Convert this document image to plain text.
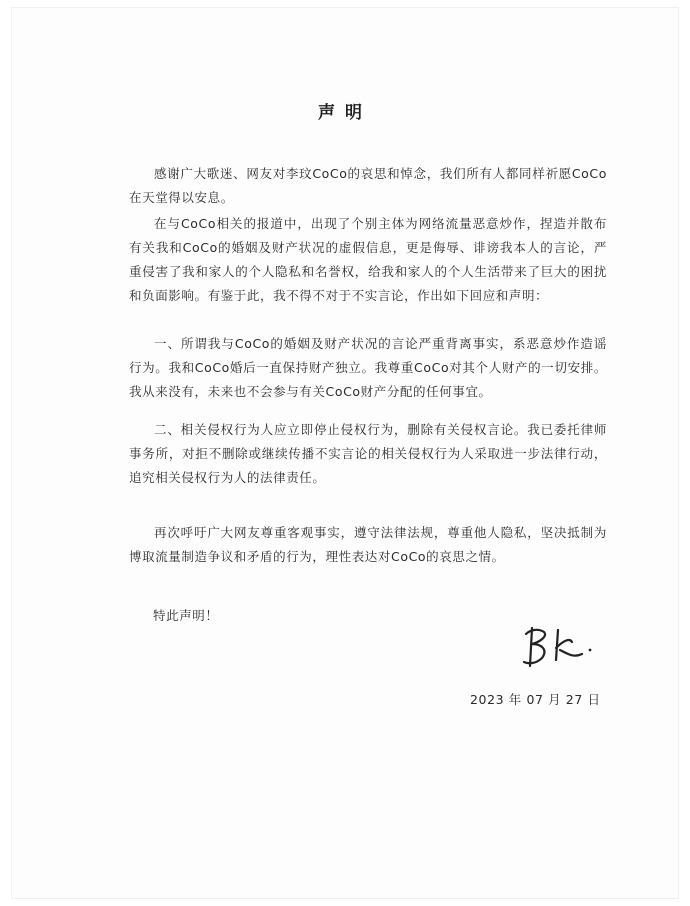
声明

感谢广大歌迷、网友对李玟CoCo的哀思和悼念，我们所有人都同样祈愿CoCo在天堂得以安息。

在与CoCo相关的报道中，出现了个别主体为网络流量恶意炒作，捏造并散布有关我和CoCo的婚姻及财产状况的虚假信息，更是侮辱、诽谤我本人的言论，严重侵害了我和家人的个人隐私和名誉权，给我和家人的个人生活带来了巨大的困扰和负面影响。有鉴于此，我不得不对于不实言论，作出如下回应和声明：

一、所谓我与CoCo的婚姻及财产状况的言论严重背离事实，系恶意炒作造谣行为。我和CoCo婚后一直保持财产独立。我尊重CoCo对其个人财产的一切安排。我从来没有，未来也不会参与有关CoCo财产分配的任何事宜。

二、相关侵权行为人应立即停止侵权行为，删除有关侵权言论。我已委托律师事务所，对拒不删除或继续传播不实言论的相关侵权行为人采取进一步法律行动，追究相关侵权行为人的法律责任。

再次呼吁广大网友尊重客观事实，遵守法律法规，尊重他人隐私，坚决抵制为博取流量制造争议和矛盾的行为，理性表达对CoCo的哀思之情。

特此声明！
2023 年 07 月 27 日
